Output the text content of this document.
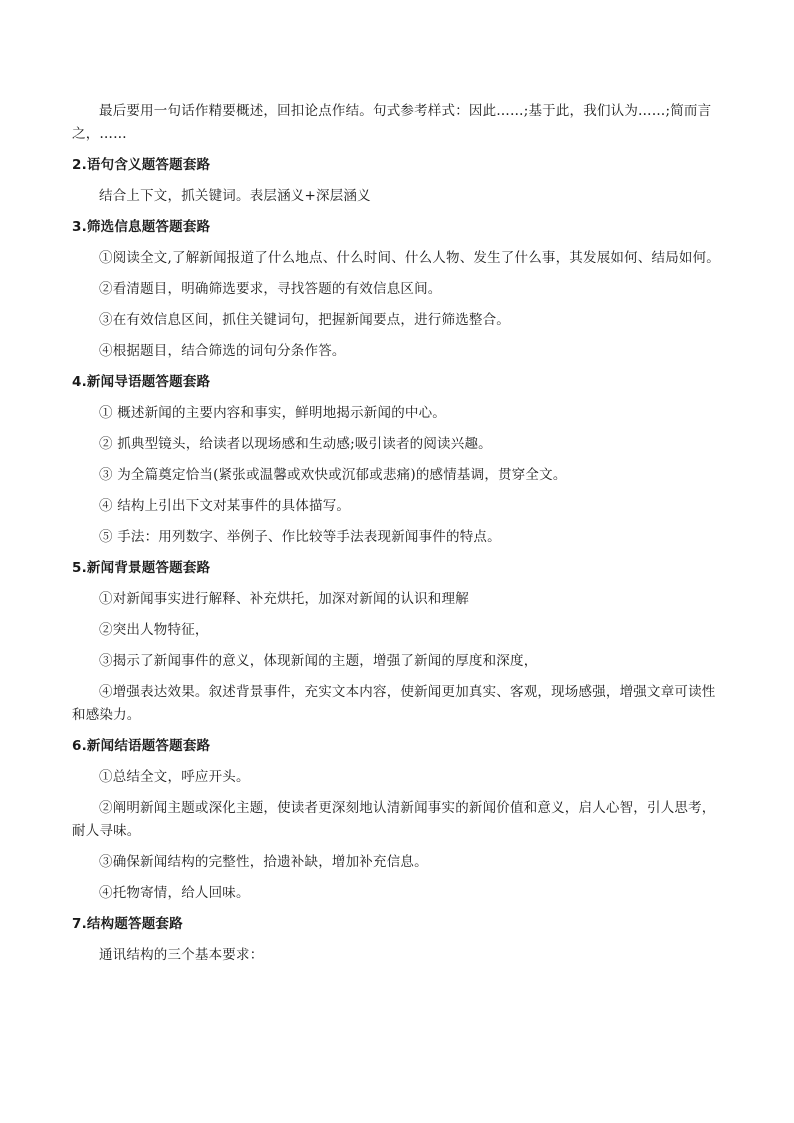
最后要用一句话作精要概述，回扣论点作结。句式参考样式：因此……;基于此，我们认为……;简而言之，……

2.语句含义题答题套路

结合上下文，抓关键词。表层涵义+深层涵义

3.筛选信息题答题套路

①阅读全文,了解新闻报道了什么地点、什么时间、什么人物、发生了什么事，其发展如何、结局如何。

②看清题目，明确筛选要求，寻找答题的有效信息区间。

③在有效信息区间，抓住关键词句，把握新闻要点，进行筛选整合。

④根据题目，结合筛选的词句分条作答。

4.新闻导语题答题套路

① 概述新闻的主要内容和事实，鲜明地揭示新闻的中心。

② 抓典型镜头，给读者以现场感和生动感;吸引读者的阅读兴趣。

③ 为全篇奠定恰当(紧张或温馨或欢快或沉郁或悲痛)的感情基调，贯穿全文。

④ 结构上引出下文对某事件的具体描写。

⑤ 手法：用列数字、举例子、作比较等手法表现新闻事件的特点。

5.新闻背景题答题套路

①对新闻事实进行解释、补充烘托，加深对新闻的认识和理解

②突出人物特征，

③揭示了新闻事件的意义，体现新闻的主题，增强了新闻的厚度和深度，

④增强表达效果。叙述背景事件，充实文本内容，使新闻更加真实、客观，现场感强，增强文章可读性和感染力。

6.新闻结语题答题套路

①总结全文，呼应开头。

②阐明新闻主题或深化主题，使读者更深刻地认清新闻事实的新闻价值和意义，启人心智，引人思考，耐人寻味。

③确保新闻结构的完整性，拾遗补缺，增加补充信息。

④托物寄情，给人回味。

7.结构题答题套路

通讯结构的三个基本要求：
